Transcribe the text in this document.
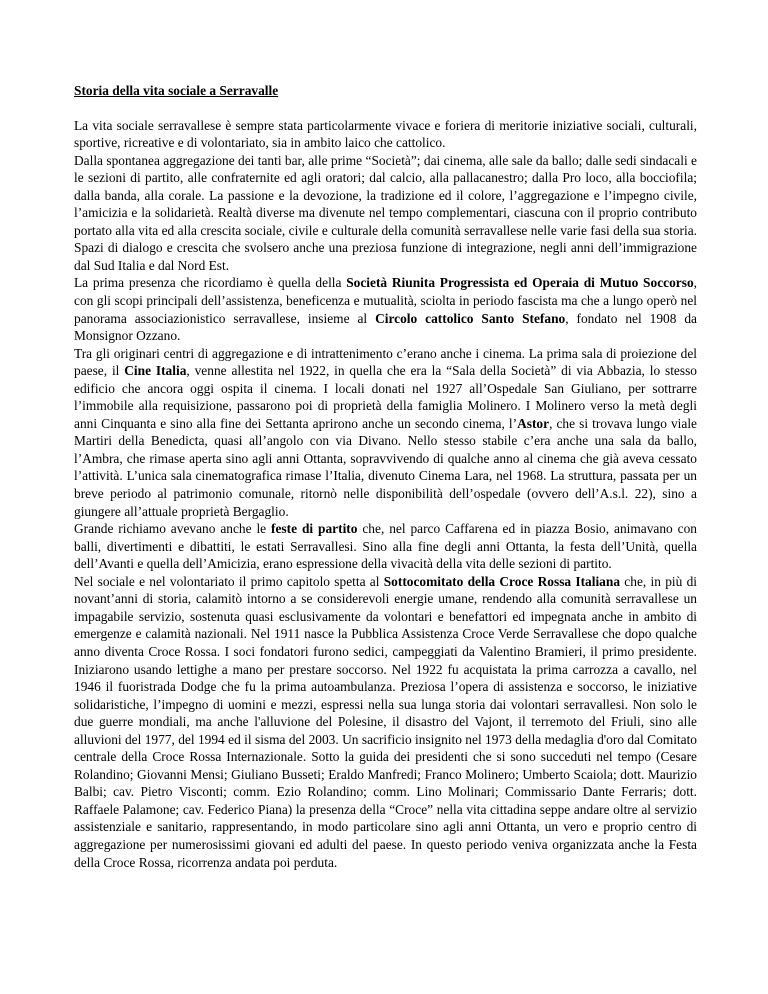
Storia della vita sociale a Serravalle

La vita sociale serravallese è sempre stata particolarmente vivace e foriera di meritorie iniziative sociali, culturali, sportive, ricreative e di volontariato, sia in ambito laico che cattolico.

Dalla spontanea aggregazione dei tanti bar, alle prime “Società”; dai cinema, alle sale da ballo; dalle sedi sindacali e le sezioni di partito, alle confraternite ed agli oratori; dal calcio, alla pallacanestro; dalla Pro loco, alla bocciofila; dalla banda, alla corale. La passione e la devozione, la tradizione ed il colore, l’aggregazione e l’impegno civile, l’amicizia e la solidarietà. Realtà diverse ma divenute nel tempo complementari, ciascuna con il proprio contributo portato alla vita ed alla crescita sociale, civile e culturale della comunità serravallese nelle varie fasi della sua storia. Spazi di dialogo e crescita che svolsero anche una preziosa funzione di integrazione, negli anni dell’immigrazione dal Sud Italia e dal Nord Est.

La prima presenza che ricordiamo è quella della Società Riunita Progressista ed Operaia di Mutuo Soccorso, con gli scopi principali dell’assistenza, beneficenza e mutualità, sciolta in periodo fascista ma che a lungo operò nel panorama associazionistico serravallese, insieme al Circolo cattolico Santo Stefano, fondato nel 1908 da Monsignor Ozzano.

Tra gli originari centri di aggregazione e di intrattenimento c’erano anche i cinema. La prima sala di proiezione del paese, il Cine Italia, venne allestita nel 1922, in quella che era la “Sala della Società” di via Abbazia, lo stesso edificio che ancora oggi ospita il cinema. I locali donati nel 1927 all’Ospedale San Giuliano, per sottrarre l’immobile alla requisizione, passarono poi di proprietà della famiglia Molinero. I Molinero verso la metà degli anni Cinquanta e sino alla fine dei Settanta aprirono anche un secondo cinema, l’Astor, che si trovava lungo viale Martiri della Benedicta, quasi all’angolo con via Divano. Nello stesso stabile c’era anche una sala da ballo, l’Ambra, che rimase aperta sino agli anni Ottanta, sopravvivendo di qualche anno al cinema che già aveva cessato l’attività. L’unica sala cinematografica rimase l’Italia, divenuto Cinema Lara, nel 1968. La struttura, passata per un breve periodo al patrimonio comunale, ritornò nelle disponibilità dell’ospedale (ovvero dell’A.s.l. 22), sino a giungere all’attuale proprietà Bergaglio.

Grande richiamo avevano anche le feste di partito che, nel parco Caffarena ed in piazza Bosio, animavano con balli, divertimenti e dibattiti, le estati Serravallesi. Sino alla fine degli anni Ottanta, la festa dell’Unità, quella dell’Avanti e quella dell’Amicizia, erano espressione della vivacità della vita delle sezioni di partito.

Nel sociale e nel volontariato il primo capitolo spetta al Sottocomitato della Croce Rossa Italiana che, in più di novant’anni di storia, calamitò intorno a se considerevoli energie umane, rendendo alla comunità serravallese un impagabile servizio, sostenuta quasi esclusivamente da volontari e benefattori ed impegnata anche in ambito di emergenze e calamità nazionali. Nel 1911 nasce la Pubblica Assistenza Croce Verde Serravallese che dopo qualche anno diventa Croce Rossa. I soci fondatori furono sedici, campeggiati da Valentino Bramieri, il primo presidente. Iniziarono usando lettighe a mano per prestare soccorso. Nel 1922 fu acquistata la prima carrozza a cavallo, nel 1946 il fuoristrada Dodge che fu la prima autoambulanza. Preziosa l’opera di assistenza e soccorso, le iniziative solidaristiche, l’impegno di uomini e mezzi, espressi nella sua lunga storia dai volontari serravallesi. Non solo le due guerre mondiali, ma anche l'alluvione del Polesine, il disastro del Vajont, il terremoto del Friuli, sino alle alluvioni del 1977, del 1994 ed il sisma del 2003. Un sacrificio insignito nel 1973 della medaglia d'oro dal Comitato centrale della Croce Rossa Internazionale. Sotto la guida dei presidenti che si sono succeduti nel tempo (Cesare Rolandino; Giovanni Mensi; Giuliano Busseti; Eraldo Manfredi; Franco Molinero; Umberto Scaiola; dott. Maurizio Balbi; cav. Pietro Visconti; comm. Ezio Rolandino; comm. Lino Molinari; Commissario Dante Ferraris; dott. Raffaele Palamone; cav. Federico Piana) la presenza della “Croce” nella vita cittadina seppe andare oltre al servizio assistenziale e sanitario, rappresentando, in modo particolare sino agli anni Ottanta, un vero e proprio centro di aggregazione per numerosissimi giovani ed adulti del paese. In questo periodo veniva organizzata anche la Festa della Croce Rossa, ricorrenza andata poi perduta.
